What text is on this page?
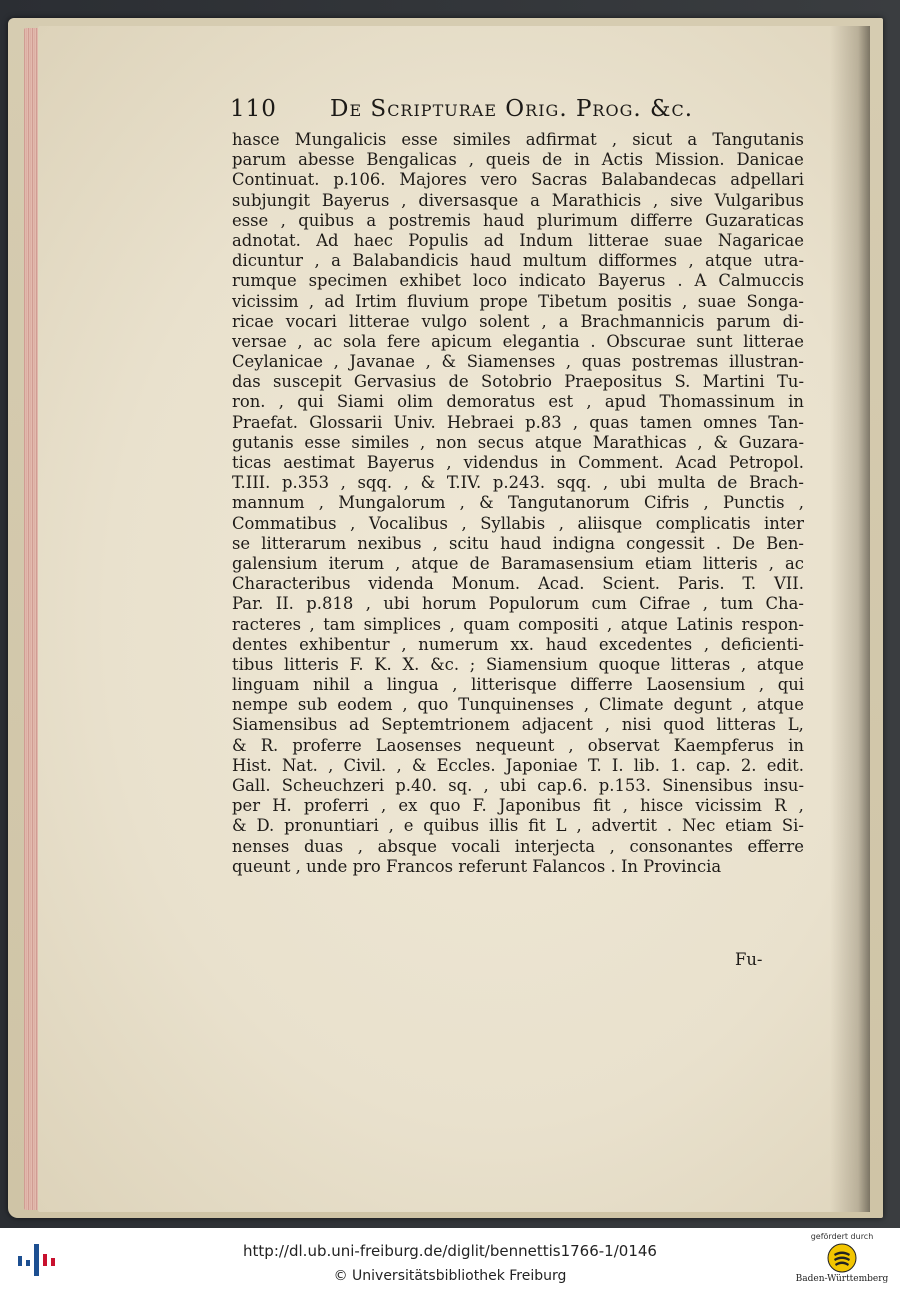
110 De Scripturae Orig. Prog. &c.
hasce Mungalicis esse similes adfirmat , sicut a Tangutanis
parum abesse Bengalicas , queis de in Actis Mission. Danicae
Continuat. p.106. Majores vero Sacras Balabandecas adpellari
subjungit Bayerus , diversasque a Marathicis , sive Vulgaribus
esse , quibus a postremis haud plurimum differre Guzaraticas
adnotat. Ad haec Populis ad Indum litterae suae Nagaricae
dicuntur , a Balabandicis haud multum difformes , atque utra-
rumque specimen exhibet loco indicato Bayerus . A Calmuccis
vicissim , ad Irtim fluvium prope Tibetum positis , suae Songa-
ricae vocari litterae vulgo solent , a Brachmannicis parum di-
versae , ac sola fere apicum elegantia . Obscurae sunt litterae
Ceylanicae , Javanae , & Siamenses , quas postremas illustran-
das suscepit Gervasius de Sotobrio Praepositus S. Martini Tu-
ron. , qui Siami olim demoratus est , apud Thomassinum in
Praefat. Glossarii Univ. Hebraei p.83 , quas tamen omnes Tan-
gutanis esse similes , non secus atque Marathicas , & Guzara-
ticas aestimat Bayerus , videndus in Comment. Acad Petropol.
T.III. p.353 , sqq. , & T.IV. p.243. sqq. , ubi multa de Brach-
mannum , Mungalorum , & Tangutanorum Cifris , Punctis ,
Commatibus , Vocalibus , Syllabis , aliisque complicatis inter
se litterarum nexibus , scitu haud indigna congessit . De Ben-
galensium iterum , atque de Baramasensium etiam litteris , ac
Characteribus videnda Monum. Acad. Scient. Paris. T. VII.
Par. II. p.818 , ubi horum Populorum cum Cifrae , tum Cha-
racteres , tam simplices , quam compositi , atque Latinis respon-
dentes exhibentur , numerum xx. haud excedentes , deficienti-
tibus litteris F. K. X. &c. ; Siamensium quoque litteras , atque
linguam nihil a lingua , litterisque differre Laosensium , qui
nempe sub eodem , quo Tunquinenses , Climate degunt , atque
Siamensibus ad Septemtrionem adjacent , nisi quod litteras L,
& R. proferre Laosenses nequeunt , observat Kaempferus in
Hist. Nat. , Civil. , & Eccles. Japoniae T. I. lib. 1. cap. 2. edit.
Gall. Scheuchzeri p.40. sq. , ubi cap.6. p.153. Sinensibus insu-
per H. proferri , ex quo F. Japonibus fit , hisce vicissim R ,
& D. pronuntiari , e quibus illis fit L , advertit . Nec etiam Si-
nenses duas , absque vocali interjecta , consonantes efferre
queunt , unde pro Francos referunt Falancos . In Provincia
Fu-
http://dl.ub.uni-freiburg.de/diglit/bennettis1766-1/0146
© Universitätsbibliothek Freiburg
gefördert durch
Baden-Württemberg
